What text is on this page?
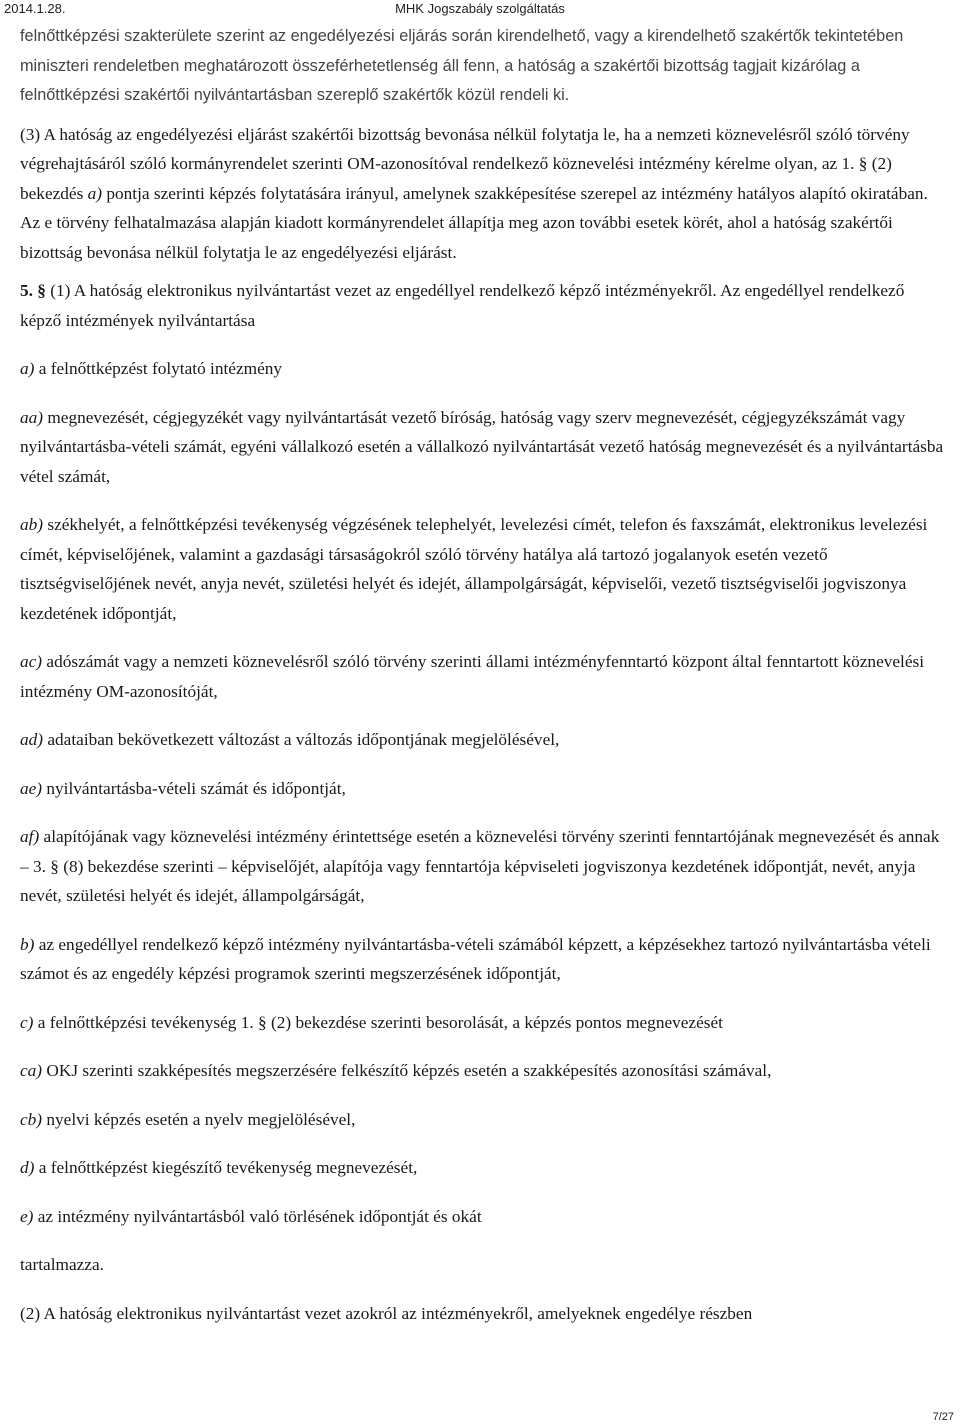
2014.1.28.	MHK Jogszabály szolgáltatás

felnőttképzési szakterülete szerint az engedélyezési eljárás során kirendelhető, vagy a kirendelhető szakértők tekintetében miniszteri rendeletben meghatározott összeférhetetlenség áll fenn, a hatóság a szakértői bizottság tagjait kizárólag a felnőttképzési szakértői nyilvántartásban szereplő szakértők közül rendeli ki.

(3) A hatóság az engedélyezési eljárást szakértői bizottság bevonása nélkül folytatja le, ha a nemzeti köznevelésről szóló törvény végrehajtásáról szóló kormányrendelet szerinti OM-azonosítóval rendelkező köznevelési intézmény kérelme olyan, az 1. § (2) bekezdés a) pontja szerinti képzés folytatására irányul, amelynek szakképesítése szerepel az intézmény hatályos alapító okiratában. Az e törvény felhatalmazása alapján kiadott kormányrendelet állapítja meg azon további esetek körét, ahol a hatóság szakértői bizottság bevonása nélkül folytatja le az engedélyezési eljárást.

5. § (1) A hatóság elektronikus nyilvántartást vezet az engedéllyel rendelkező képző intézményekről. Az engedéllyel rendelkező képző intézmények nyilvántartása

a) a felnőttképzést folytató intézmény

aa) megnevezését, cégjegyzékét vagy nyilvántartását vezető bíróság, hatóság vagy szerv megnevezését, cégjegyzékszámát vagy nyilvántartásba-vételi számát, egyéni vállalkozó esetén a vállalkozó nyilvántartását vezető hatóság megnevezését és a nyilvántartásba vétel számát,

ab) székhelyét, a felnőttképzési tevékenység végzésének telephelyét, levelezési címét, telefon és faxszámát, elektronikus levelezési címét, képviselőjének, valamint a gazdasági társaságokról szóló törvény hatálya alá tartozó jogalanyok esetén vezető tisztségviselőjének nevét, anyja nevét, születési helyét és idejét, állampolgárságát, képviselői, vezető tisztségviselői jogviszonya kezdetének időpontját,

ac) adószámát vagy a nemzeti köznevelésről szóló törvény szerinti állami intézményfenntartó központ által fenntartott köznevelési intézmény OM-azonosítóját,

ad) adataiban bekövetkezett változást a változás időpontjának megjelölésével,

ae) nyilvántartásba-vételi számát és időpontját,

af) alapítójának vagy köznevelési intézmény érintettsége esetén a köznevelési törvény szerinti fenntartójának megnevezését és annak – 3. § (8) bekezdése szerinti – képviselőjét, alapítója vagy fenntartója képviseleti jogviszonya kezdetének időpontját, nevét, anyja nevét, születési helyét és idejét, állampolgárságát,

b) az engedéllyel rendelkező képző intézmény nyilvántartásba-vételi számából képzett, a képzésekhez tartozó nyilvántartásba vételi számot és az engedély képzési programok szerinti megszerzésének időpontját,

c) a felnőttképzési tevékenység 1. § (2) bekezdése szerinti besorolását, a képzés pontos megnevezését

ca) OKJ szerinti szakképesítés megszerzésére felkészítő képzés esetén a szakképesítés azonosítási számával,

cb) nyelvi képzés esetén a nyelv megjelölésével,

d) a felnőttképzést kiegészítő tevékenység megnevezését,

e) az intézmény nyilvántartásból való törlésének időpontját és okát

tartalmazza.

(2) A hatóság elektronikus nyilvántartást vezet azokról az intézményekről, amelyeknek engedélye részben

7/27
